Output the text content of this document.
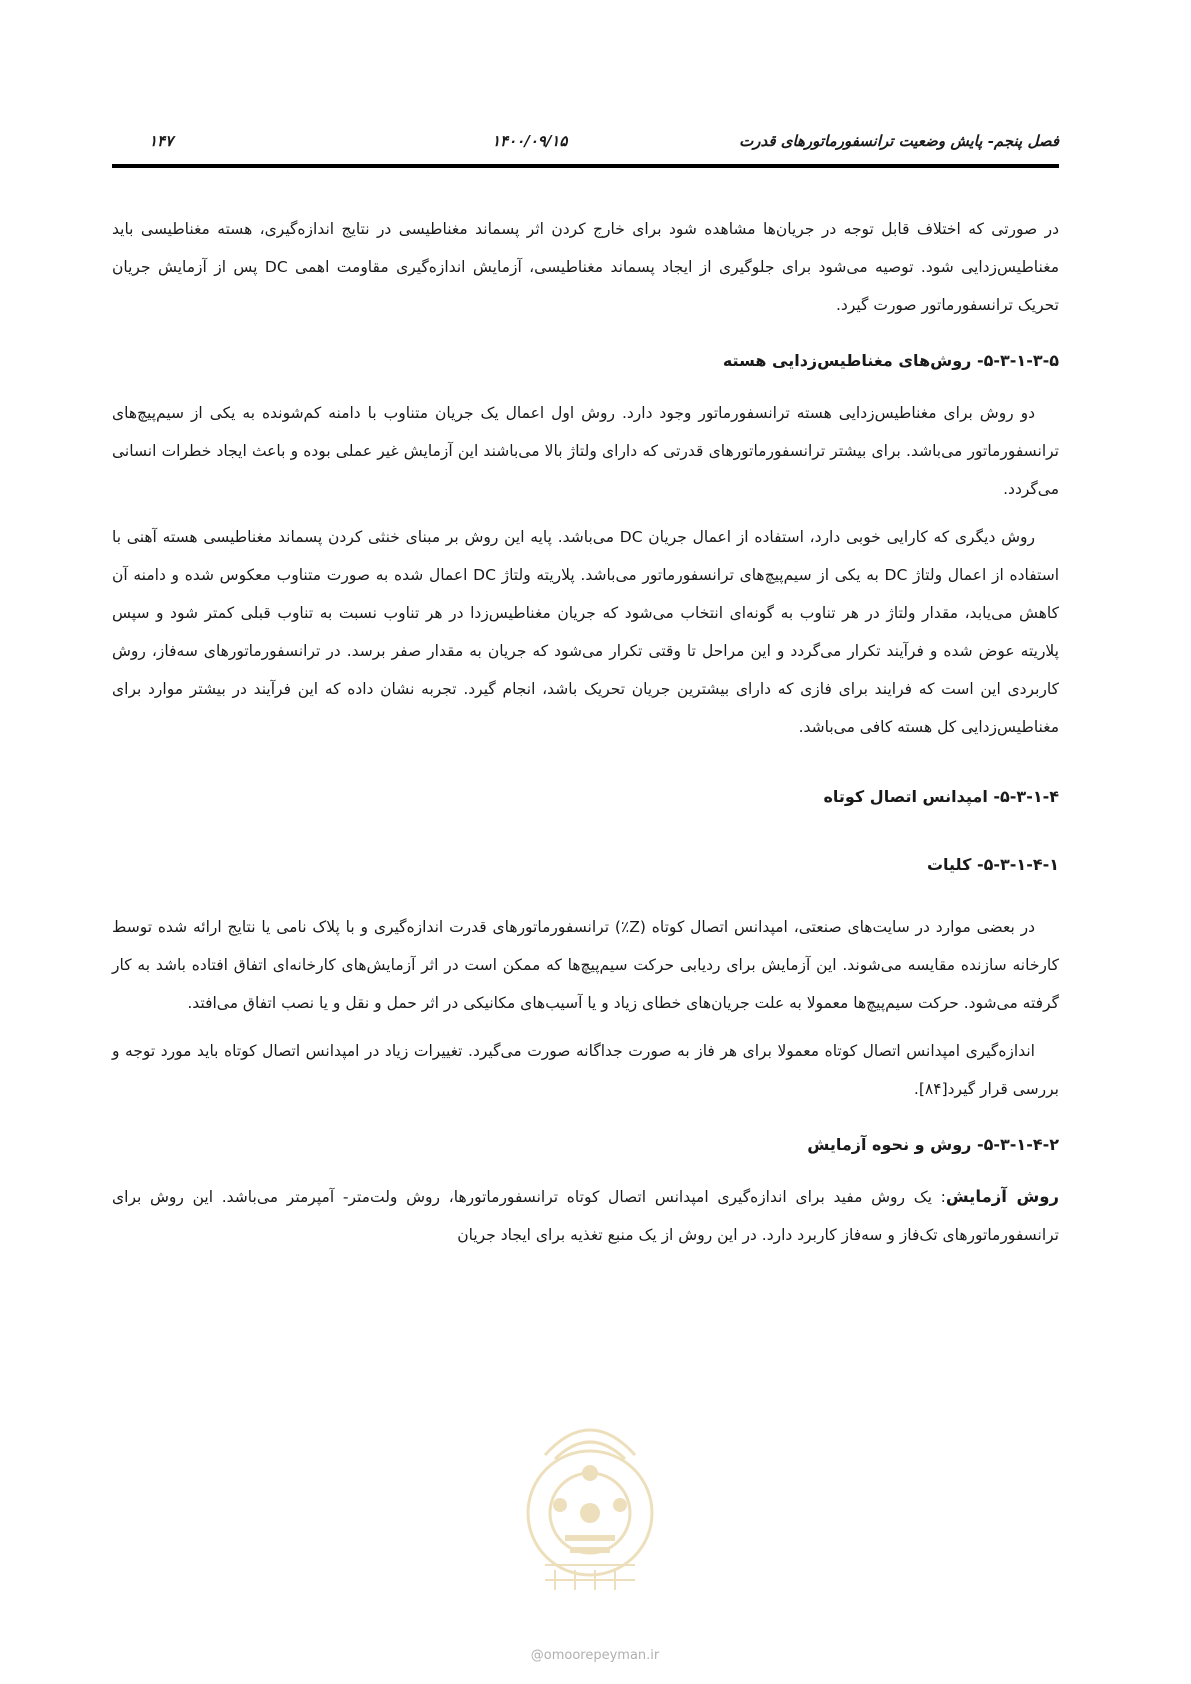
فصل پنجم- پایش وضعیت ترانسفورماتورهای قدرت
۱۴۰۰/۰۹/۱۵
۱۴۷

در صورتی که اختلاف قابل توجه در جریان‌ها مشاهده شود برای خارج کردن اثر پسماند مغناطیسی در نتایج اندازه‌گیری، هسته مغناطیسی باید مغناطیس‌زدایی شود. توصیه می‌شود برای جلوگیری از ایجاد پسماند مغناطیسی، آزمایش اندازه‌گیری مقاومت اهمی DC پس از آزمایش جریان تحریک ترانسفورماتور صورت گیرد.

۵-۳-۱-۳-۵- روش‌های مغناطیس‌زدایی هسته

دو روش برای مغناطیس‌زدایی هسته ترانسفورماتور وجود دارد. روش اول اعمال یک جریان متناوب با دامنه کم‌شونده به یکی از سیم‌پیچ‌های ترانسفورماتور می‌باشد. برای بیشتر ترانسفورماتورهای قدرتی که دارای ولتاژ بالا می‌باشند این آزمایش غیر عملی بوده و باعث ایجاد خطرات انسانی می‌گردد.

روش دیگری که کارایی خوبی دارد، استفاده از اعمال جریان DC می‌باشد. پایه این روش بر مبنای خنثی کردن پسماند مغناطیسی هسته آهنی با استفاده از اعمال ولتاژ DC به یکی از سیم‌پیچ‌های ترانسفورماتور می‌باشد. پلاریته ولتاژ DC اعمال شده به صورت متناوب معکوس شده و دامنه آن کاهش می‌یابد، مقدار ولتاژ در هر تناوب به گونه‌ای انتخاب می‌شود که جریان مغناطیس‌زدا در هر تناوب نسبت به تناوب قبلی کمتر شود و سپس پلاریته عوض شده و فرآیند تکرار می‌گردد و این مراحل تا وقتی تکرار می‌شود که جریان به مقدار صفر برسد. در ترانسفورماتورهای سه‌فاز، روش کاربردی این است که فرایند برای فازی که دارای بیشترین جریان تحریک باشد، انجام گیرد. تجربه نشان داده که این فرآیند در بیشتر موارد برای مغناطیس‌زدایی کل هسته کافی می‌باشد.

۵-۳-۱-۴- امپدانس اتصال کوتاه
۵-۳-۱-۴-۱- کلیات

در بعضی موارد در سایت‌های صنعتی، امپدانس اتصال کوتاه (Z٪) ترانسفورماتورهای قدرت اندازه‌گیری و با پلاک نامی یا نتایج ارائه شده توسط کارخانه سازنده مقایسه می‌شوند. این آزمایش برای ردیابی حرکت سیم‌پیچ‌ها که ممکن است در اثر آزمایش‌های کارخانه‌ای اتفاق افتاده باشد به کار گرفته می‌شود. حرکت سیم‌پیچ‌ها معمولا به علت جریان‌های خطای زیاد و یا آسیب‌های مکانیکی در اثر حمل و نقل و یا نصب اتفاق می‌افتد.

اندازه‌گیری امپدانس اتصال کوتاه معمولا برای هر فاز به صورت جداگانه صورت می‌گیرد. تغییرات زیاد در امپدانس اتصال کوتاه باید مورد توجه و بررسی قرار گیرد[۸۴].

۵-۳-۱-۴-۲- روش و نحوه آزمایش

روش آزمایش: یک روش مفید برای اندازه‌گیری امپدانس اتصال کوتاه ترانسفورماتورها، روش ولت‌متر- آمپرمتر می‌باشد. این روش برای ترانسفورماتورهای تک‌فاز و سه‌فاز کاربرد دارد. در این روش از یک منبع تغذیه برای ایجاد جریان

@omoorepeyman.ir
